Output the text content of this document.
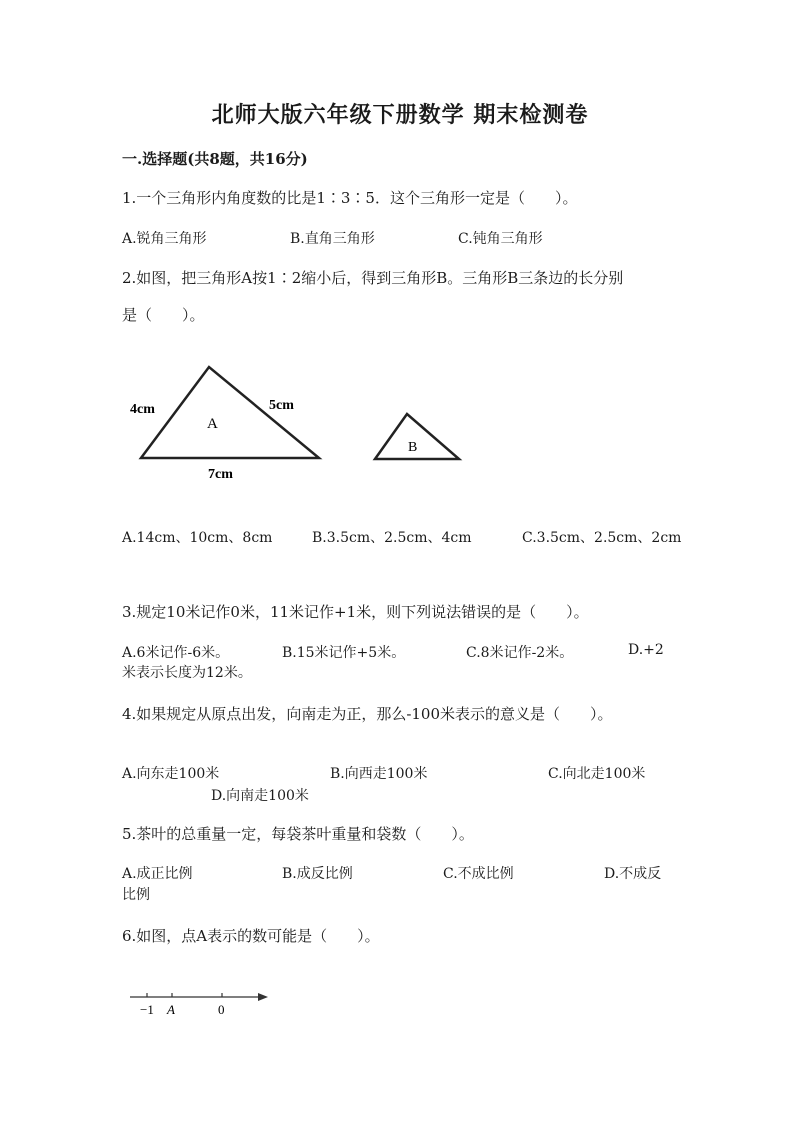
北师大版六年级下册数学 期末检测卷
一.选择题(共8题，共16分)
1.一个三角形内角度数的比是1∶3∶5．这个三角形一定是（　　）。
A.锐角三角形	B.直角三角形	C.钝角三角形
2.如图，把三角形A按1∶2缩小后，得到三角形B。三角形B三条边的长分别
是（　　）。
4cm	5cm
A
7cm
B
−1 A	0
A.14cm、10cm、8cm	B.3.5cm、2.5cm、4cm	C.3.5cm、2.5cm、2cm
3.规定10米记作0米，11米记作+1米，则下列说法错误的是（　　）。
A.6米记作-6米。	B.15米记作+5米。	C.8米记作-2米。	D.+2
米表示长度为12米。
4.如果规定从原点出发，向南走为正，那么-100米表示的意义是（　　）。
A.向东走100米	B.向西走100米	C.向北走100米
D.向南走100米
5.茶叶的总重量一定，每袋茶叶重量和袋数（　　）。
A.成正比例	B.成反比例	C.不成比例	D.不成反
比例
6.如图，点A表示的数可能是（　　）。
